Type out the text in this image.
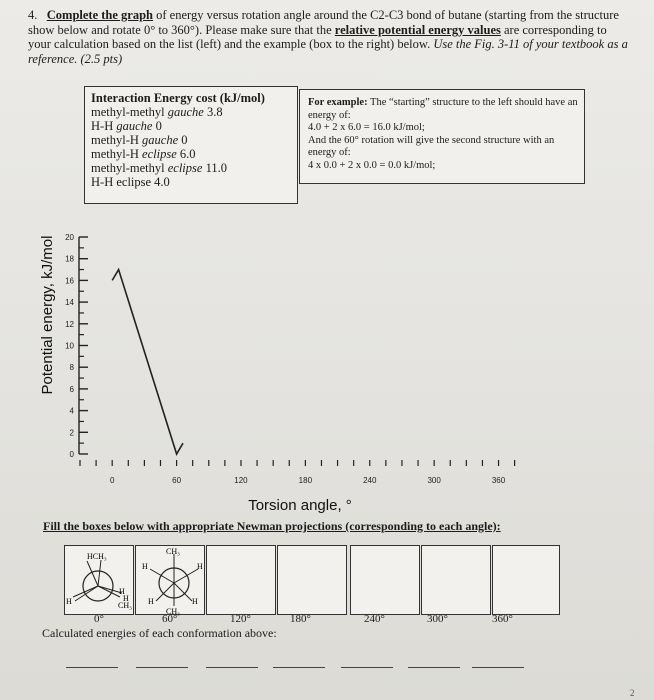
4. Complete the graph of energy versus rotation angle around the C2-C3 bond of butane (starting from the structure show below and rotate 0° to 360°). Please make sure that the relative potential energy values are corresponding to your calculation based on the list (left) and the example (box to the right) below. Use the Fig. 3-11 of your textbook as a reference. (2.5 pts)
Interaction Energy cost (kJ/mol)
methyl-methyl gauche 3.8
H-H gauche 0
methyl-H gauche 0
methyl-H eclipse 6.0
methyl-methyl eclipse 11.0
H-H eclipse 4.0
For example: The “starting” structure to the left should have an energy of:
4.0 + 2 x 6.0 = 16.0 kJ/mol;
And the 60° rotation will give the second structure with an energy of:
4 x 0.0 + 2 x 0.0 = 0.0 kJ/mol;
0
2
4
6
8
10
12
14
16
18
20
0	60	120	180	240	300	360
Torsion angle, °
Potential energy, kJ/mol
Fill the boxes below with appropriate Newman projections (corresponding to each angle):
HCH₃
H
H
H
CH₃
CH₃
H	H
H	H
CH₃
0°	60°	120°	180°	240°	300°	360°
Calculated energies of each conformation above:
2
